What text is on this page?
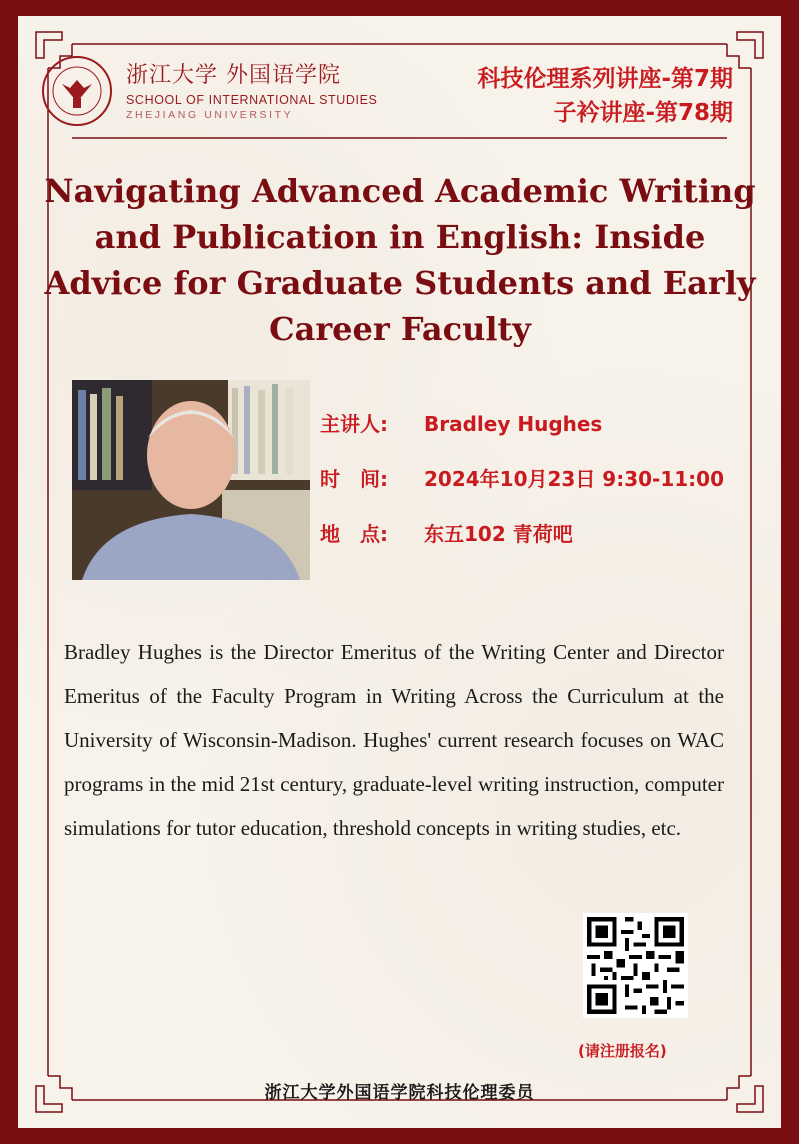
浙江大学 外国语学院
SCHOOL OF INTERNATIONAL STUDIES
ZHEJIANG UNIVERSITY
科技伦理系列讲座-第7期
子衿讲座-第78期
Navigating Advanced Academic Writing and Publication in English: Inside Advice for Graduate Students and Early Career Faculty
主讲人: Bradley Hughes
时　间: 2024年10月23日 9:30-11:00
地　点: 东五102 青荷吧
Bradley Hughes is the Director Emeritus of the Writing Center and Director Emeritus of the Faculty Program in Writing Across the Curriculum at the University of Wisconsin-Madison. Hughes' current research focuses on WAC programs in the mid 21st century, graduate-level writing instruction, computer simulations for tutor education, threshold concepts in writing studies, etc.
(请注册报名)
浙江大学外国语学院科技伦理委员
